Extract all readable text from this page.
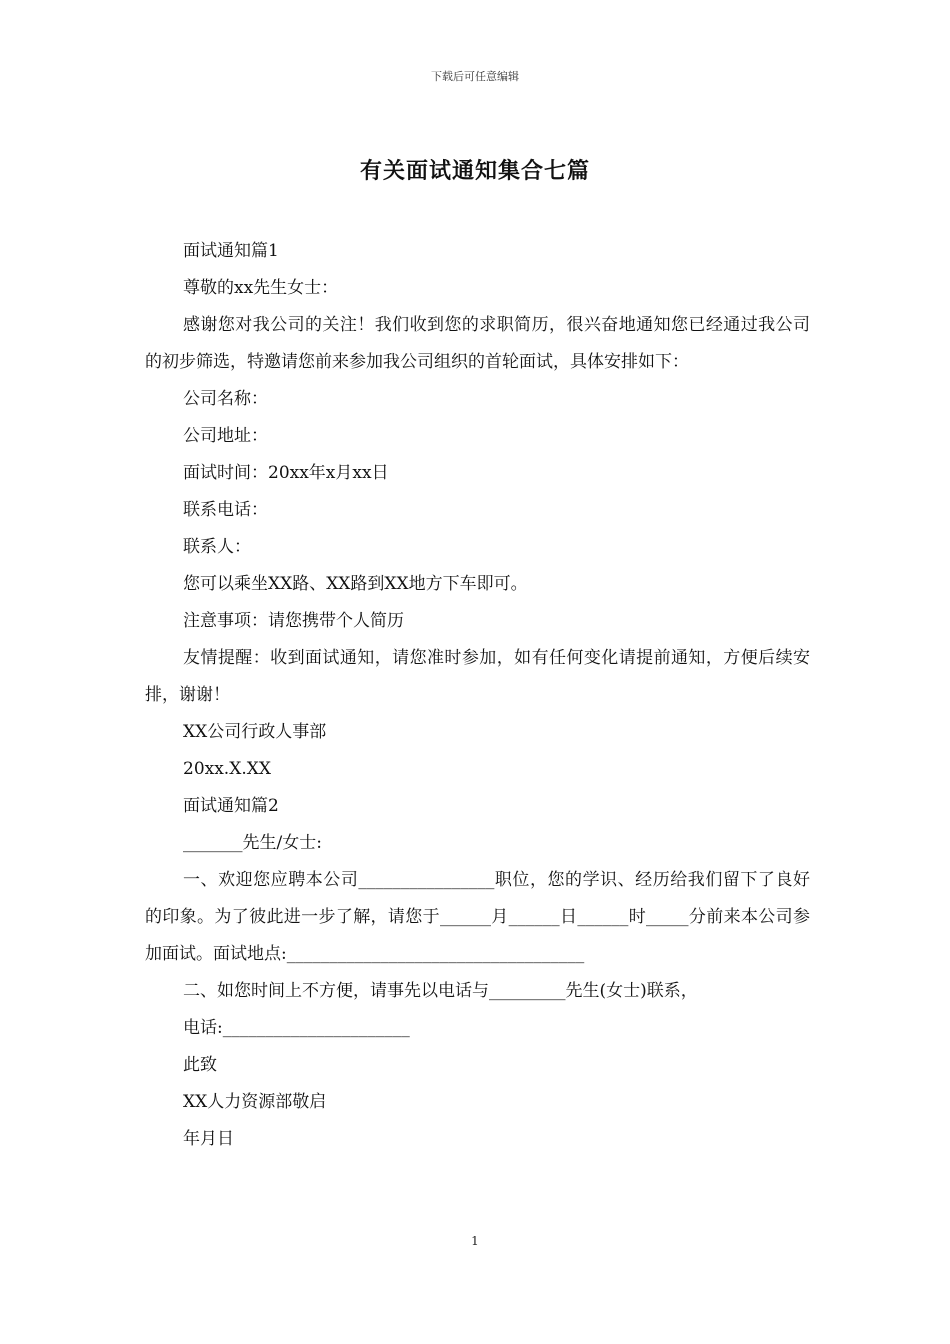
下载后可任意编辑
有关面试通知集合七篇

面试通知篇1

尊敬的xx先生女士：

感谢您对我公司的关注！我们收到您的求职简历，很兴奋地通知您已经通过我公司的初步筛选，特邀请您前来参加我公司组织的首轮面试，具体安排如下：

公司名称：

公司地址：

面试时间：20xx年x月xx日

联系电话：

联系人：

您可以乘坐XX路、XX路到XX地方下车即可。

注意事项：请您携带个人简历

友情提醒：收到面试通知，请您准时参加，如有任何变化请提前通知，方便后续安排，谢谢！

XX公司行政人事部

20xx.X.XX

面试通知篇2

_______先生/女士:

一、欢迎您应聘本公司________________职位，您的学识、经历给我们留下了良好的印象。为了彼此进一步了解，请您于______月______日______时_____分前来本公司参加面试。面试地点:___________________________________

二、如您时间上不方便，请事先以电话与_________先生(女士)联系，

电话:______________________

此致

XX人力资源部敬启

年月日

1
